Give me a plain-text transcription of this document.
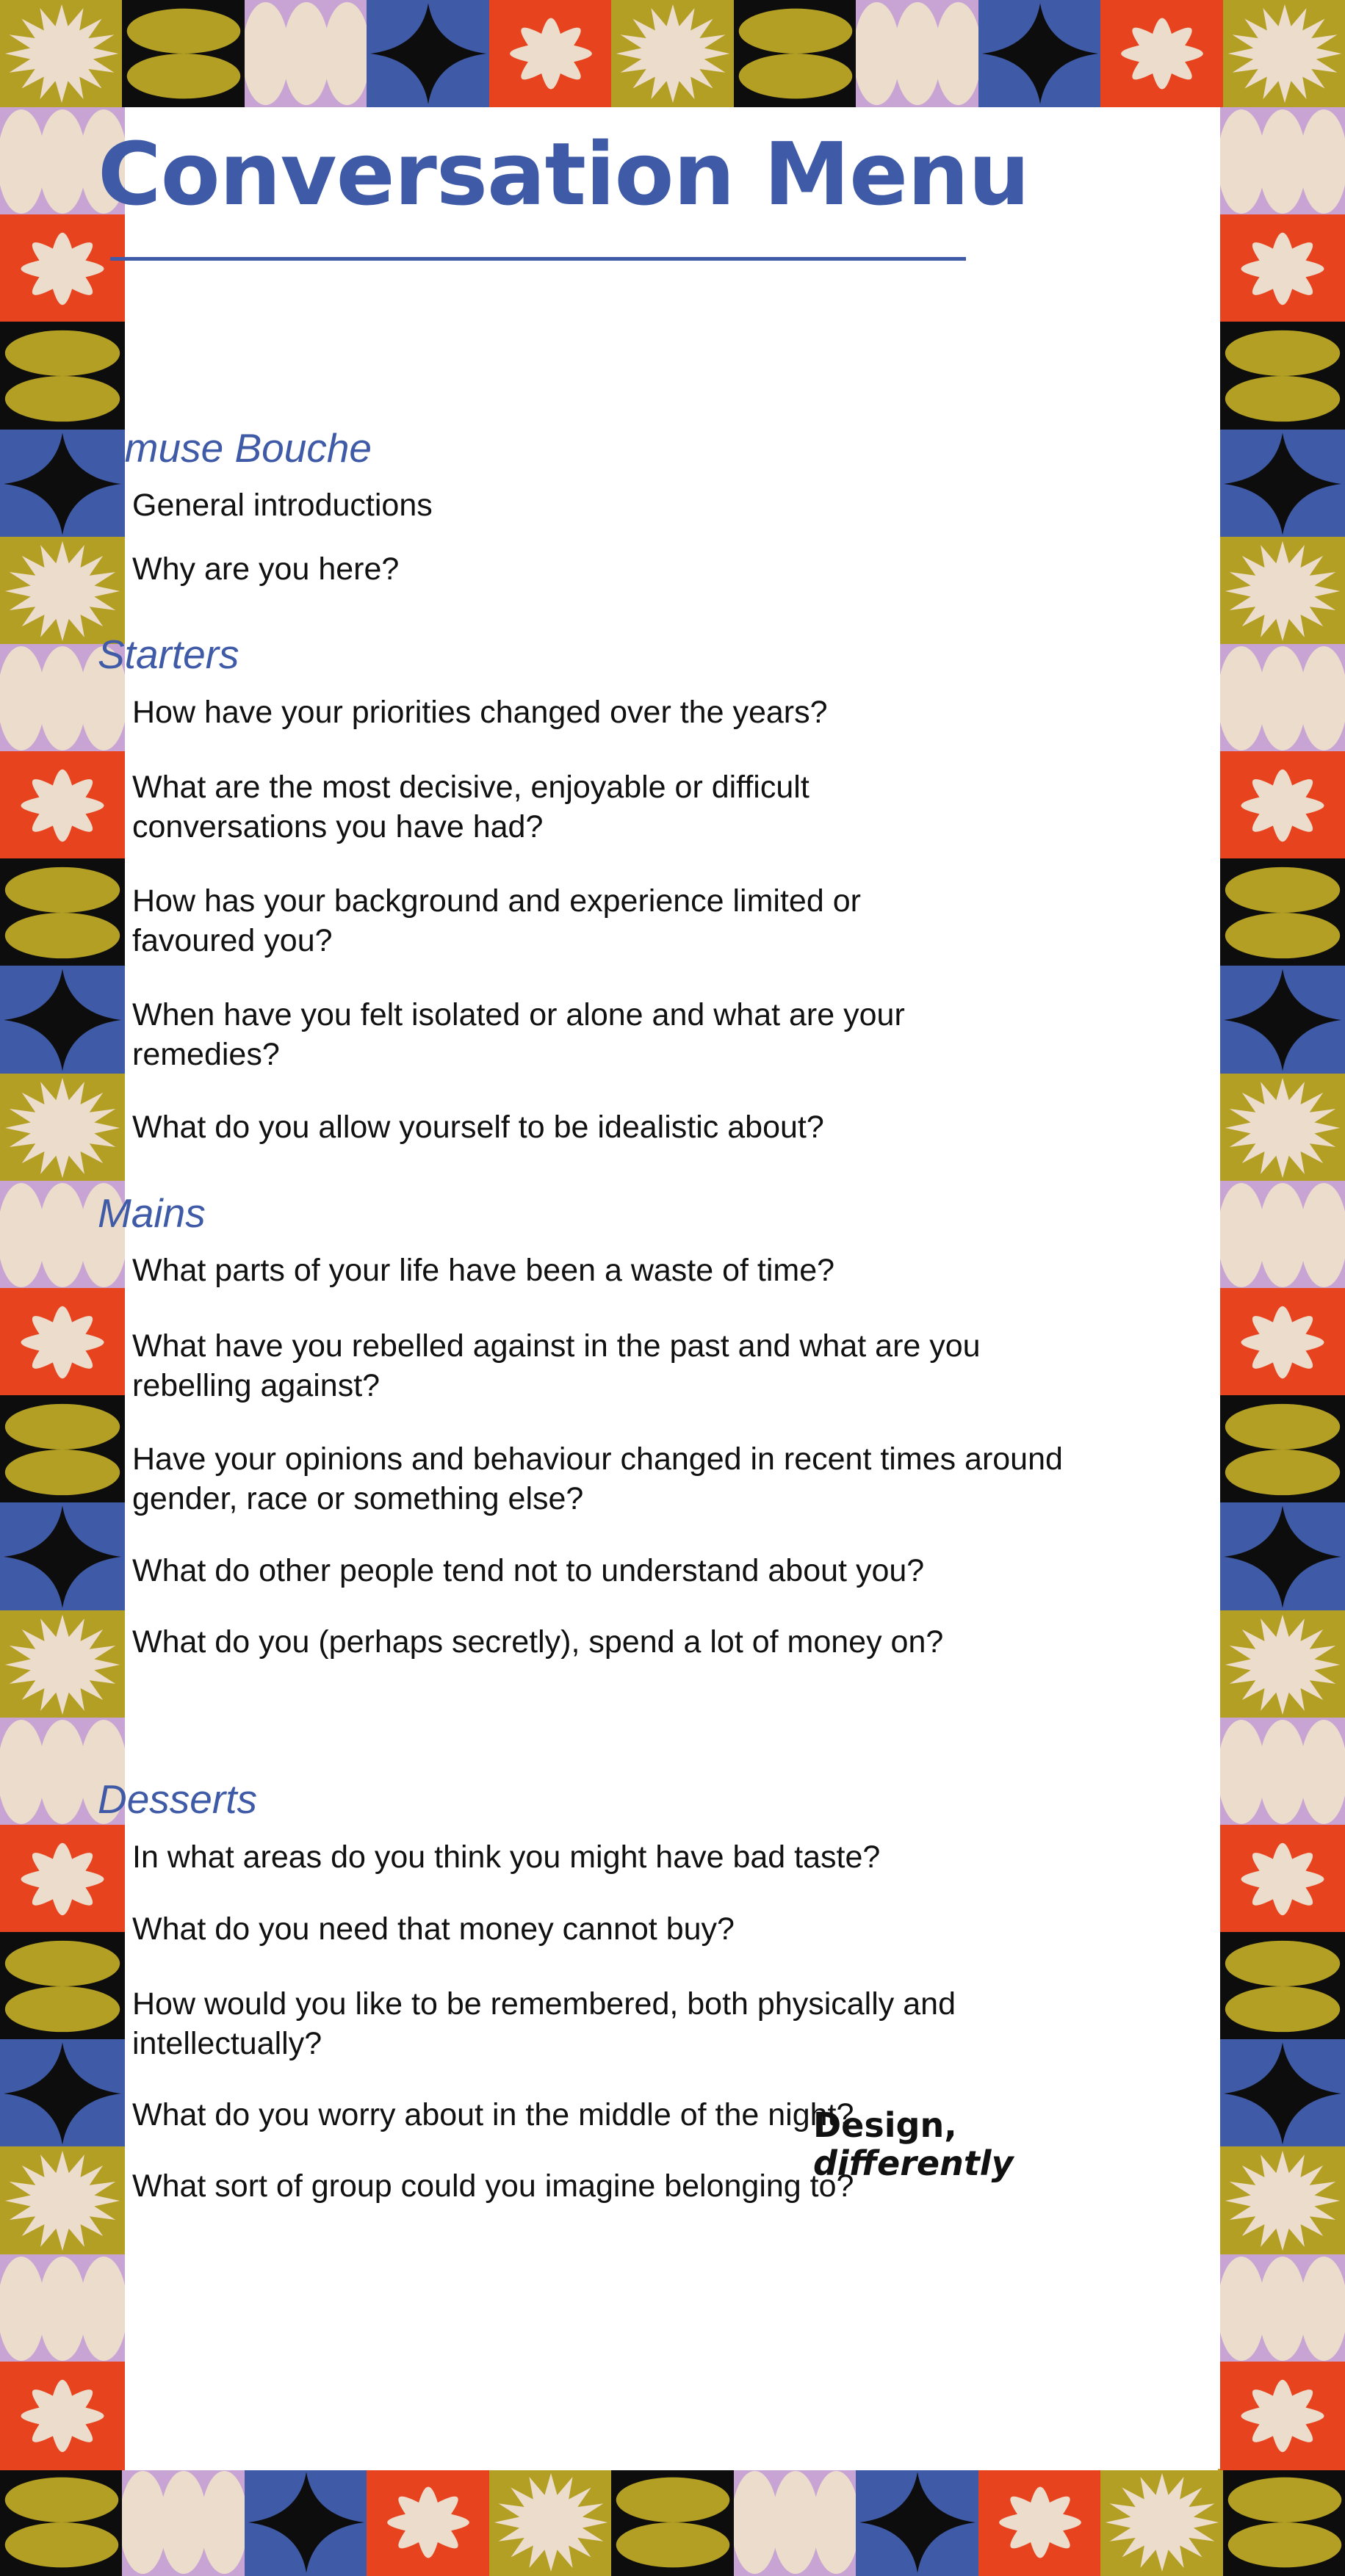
Conversation Menu
Amuse Bouche

General introductions

Why are you here?

Starters

How have your priorities changed over the years?

What are the most decisive, enjoyable or difficult conversations you have had?

How has your background and experience limited or favoured you?

When have you felt isolated or alone and what are your remedies?

What do you allow yourself to be idealistic about?

Mains

What parts of your life have been a waste of time?

What have you rebelled against in the past and what are you rebelling against?

Have your opinions and behaviour changed in recent times around gender, race or something else?

What do other people tend not to understand about you?

What do you (perhaps secretly), spend a lot of money on?

Desserts

In what areas do you think you might have bad taste?

What do you need that money cannot buy?

How would you like to be remembered, both physically and intellectually?

What do you worry about in the middle of the night?

What sort of group could you imagine belonging to?

Design,
differently
